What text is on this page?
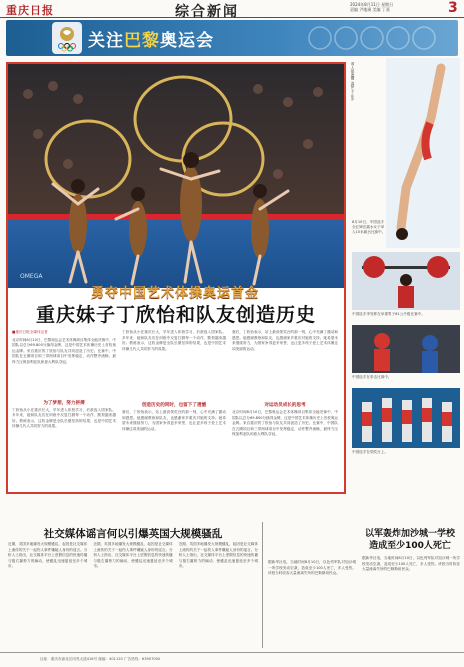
重庆日报	综合新闻	2024年8月11日 星期日
责编 尹地瑛 美编 丁嘉	3
关注巴黎奥运会
OMEGA
勇夺中国艺术体操奥运首金
重庆妹子丁欣怡和队友创造历史
■重庆日报全媒体记者
北京时间8月10日，巴黎奥运会艺术体操项目集体全能决赛中，中国队以总分69.800分摘得金牌，这是中国艺术体操历史上首枚奥运金牌。来自重庆的丁欣怡与队友共同创造了历史。比赛中，中国队在五圈项目和三带两球项目中发挥稳定，动作整齐流畅，最终力压保加利亚队和意大利队夺冠。
为了梦想，努力拼搏
丁欣怡从小在重庆长大，早年进入体校学习，后被选入国家队。多年来，她和队友们在训练中反复打磨每一个动作，默契越来越好。教练表示，这枚金牌是全队长期坚持的结果，也是中国艺术体操几代人共同努力的成果。
丁欣怡从小在重庆长大，早年进入体校学习，后被选入国家队。多年来，她和队友们在训练中反复打磨每一个动作，默契越来越好。教练表示，这枚金牌是全队长期坚持的结果，也是中国艺术体操几代人共同努力的成果。
创造历史的同时，也留下了遗憾
赛后，丁欣怡表示，站上最高领奖台的那一刻，心中充满了激动和感恩。她感谢教练和队友，也感谢家乡重庆对她的支持。她希望未来继续努力，为国家争得更多荣誉，也让更多孩子爱上艺术体操这项美丽的运动。
赛后，丁欣怡表示，站上最高领奖台的那一刻，心中充满了激动和感恩。她感谢教练和队友，也感谢家乡重庆对她的支持。她希望未来继续努力，为国家争得更多荣誉，也让更多孩子爱上艺术体操这项美丽的运动。
对运动员成长的思考
北京时间8月10日，巴黎奥运会艺术体操项目集体全能决赛中，中国队以总分69.800分摘得金牌，这是中国艺术体操历史上首枚奥运金牌。来自重庆的丁欣怡与队友共同创造了历史。比赛中，中国队在五圈项目和三带两球项目中发挥稳定，动作整齐流畅，最终力压保加利亚队和意大利队夺冠。
谁人欲逐鹰 追梦 不止步
8月10日，中国选手全红婵在跳水女子单人10米跳台比赛中。
中国选手李发彬在举重男子61公斤级比赛中。
中国选手在拳击比赛中。
中国选手在领奖台上。
社交媒体谣言何以引爆英国大规模骚乱
近期，英国多地爆发大规模骚乱，起因是社交媒体上流传的关于一起伤人事件嫌疑人身份的谣言。分析人士指出，社交媒体平台上虚假信息的快速传播与极右翼势力的煽动，使骚乱迅速蔓延至多个城市。
近期，英国多地爆发大规模骚乱，起因是社交媒体上流传的关于一起伤人事件嫌疑人身份的谣言。分析人士指出，社交媒体平台上虚假信息的快速传播与极右翼势力的煽动，使骚乱迅速蔓延至多个城市。
近期，英国多地爆发大规模骚乱，起因是社交媒体上流传的关于一起伤人事件嫌疑人身份的谣言。分析人士指出，社交媒体平台上虚假信息的快速传播与极右翼势力的煽动，使骚乱迅速蔓延至多个城市。
以军轰炸加沙城一学校
造成至少100人死亡
据新华社电，当地时间8月10日，以色列军队对加沙城一所学校发动空袭，造成至少100人死亡，多人受伤。该校当时收容大量流离失所的巴勒斯坦民众。
据新华社电，当地时间8月10日，以色列军队对加沙城一所学校发动空袭，造成至少100人死亡，多人受伤。该校当时收容大量流离失所的巴勒斯坦民众。
社址：重庆市渝北区同茂大道416号 邮编：401120 广告热线：63907000
